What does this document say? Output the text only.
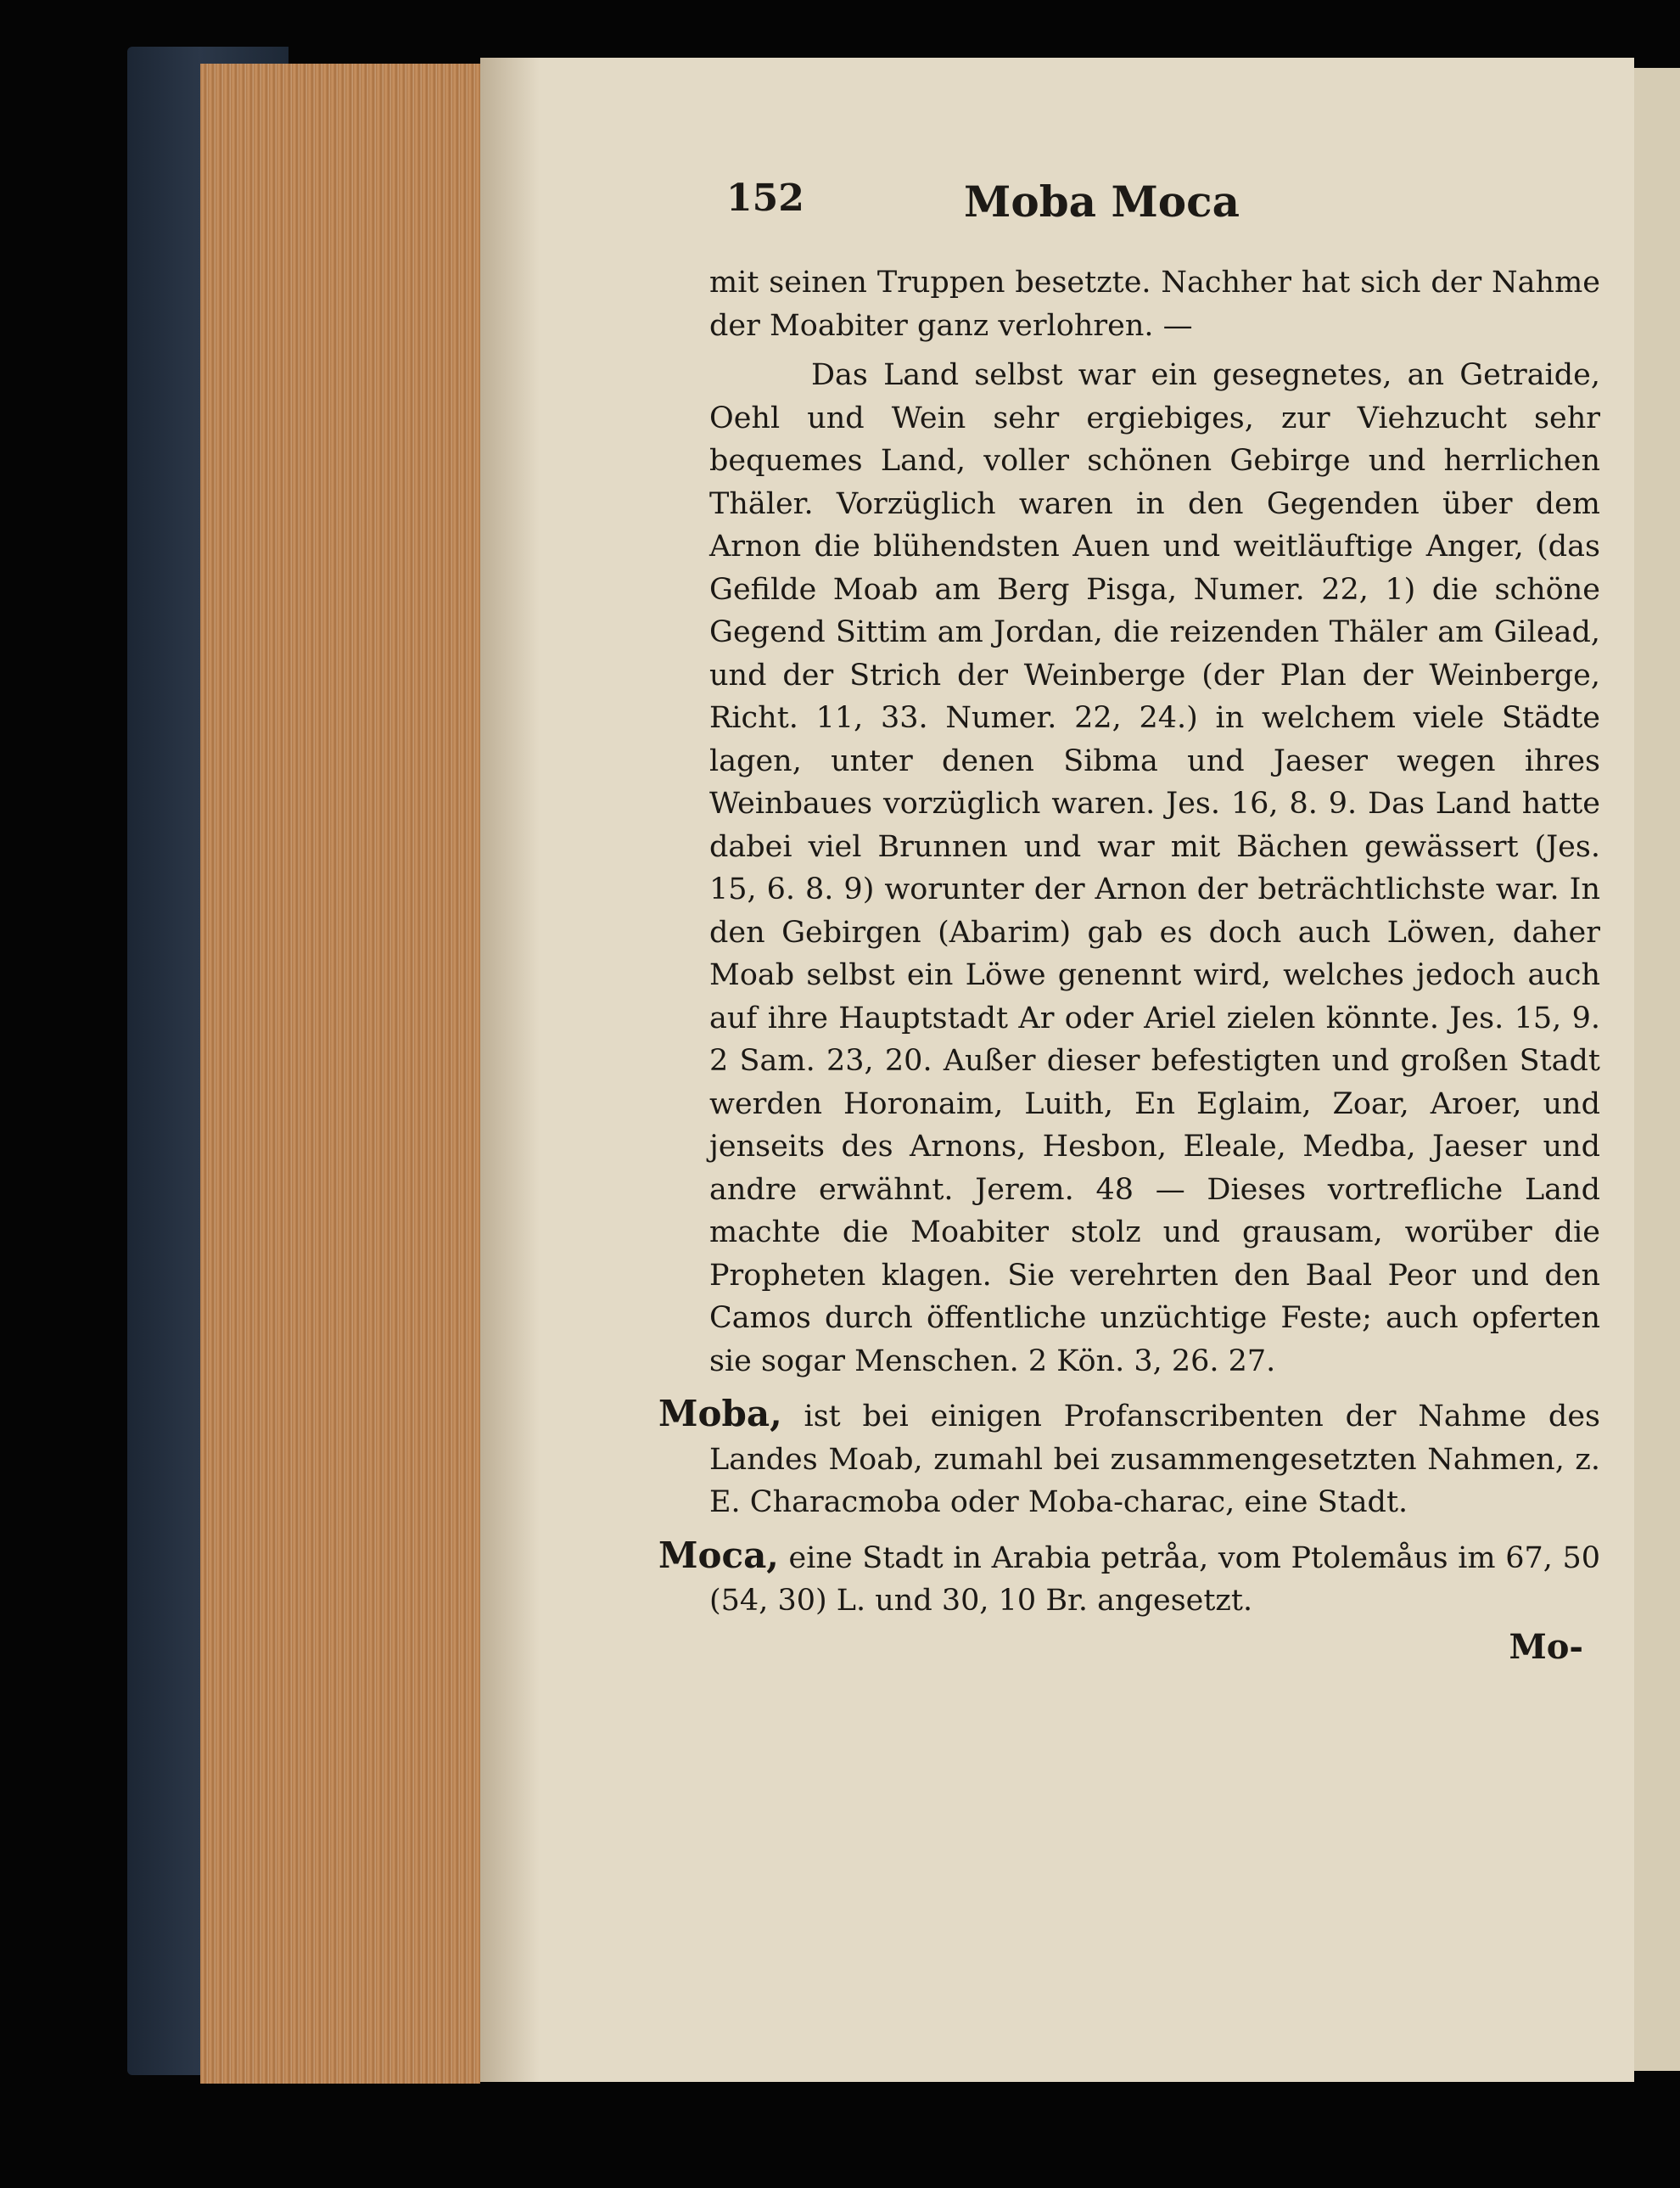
152	Moba Moca

mit seinen Truppen besetzte. Nachher hat sich der Nahme der Moabiter ganz verlohren. —

Das Land selbst war ein gesegnetes, an Getraide, Oehl und Wein sehr ergiebiges, zur Viehzucht sehr bequemes Land, voller schönen Gebirge und herrlichen Thäler. Vorzüglich waren in den Gegenden über dem Arnon die blühendsten Auen und weitläuftige Anger, (das Gefilde Moab am Berg Pisga, Numer. 22, 1) die schöne Gegend Sittim am Jordan, die reizenden Thäler am Gilead, und der Strich der Weinberge (der Plan der Weinberge, Richt. 11, 33. Numer. 22, 24.) in welchem viele Städte lagen, unter denen Sibma und Jaeser wegen ihres Weinbaues vorzüglich waren. Jes. 16, 8. 9. Das Land hatte dabei viel Brunnen und war mit Bächen gewässert (Jes. 15, 6. 8. 9) worunter der Arnon der beträchtlichste war. In den Gebirgen (Abarim) gab es doch auch Löwen, daher Moab selbst ein Löwe genennt wird, welches jedoch auch auf ihre Hauptstadt Ar oder Ariel zielen könnte. Jes. 15, 9. 2 Sam. 23, 20. Außer dieser befestigten und großen Stadt werden Horonaim, Luith, En Eglaim, Zoar, Aroer, und jenseits des Arnons, Hesbon, Eleale, Medba, Jaeser und andre erwähnt. Jerem. 48 — Dieses vortrefliche Land machte die Moabiter stolz und grausam, worüber die Propheten klagen. Sie verehrten den Baal Peor und den Camos durch öffentliche unzüchtige Feste; auch opferten sie sogar Menschen. 2 Kön. 3, 26. 27.

Moba, ist bei einigen Profanscribenten der Nahme des Landes Moab, zumahl bei zusammengesetzten Nahmen, z. E. Characmoba oder Moba-charac, eine Stadt.

Moca, eine Stadt in Arabia petråa, vom Ptolemåus im 67, 50 (54, 30) L. und 30, 10 Br. angesetzt.

Mo-
